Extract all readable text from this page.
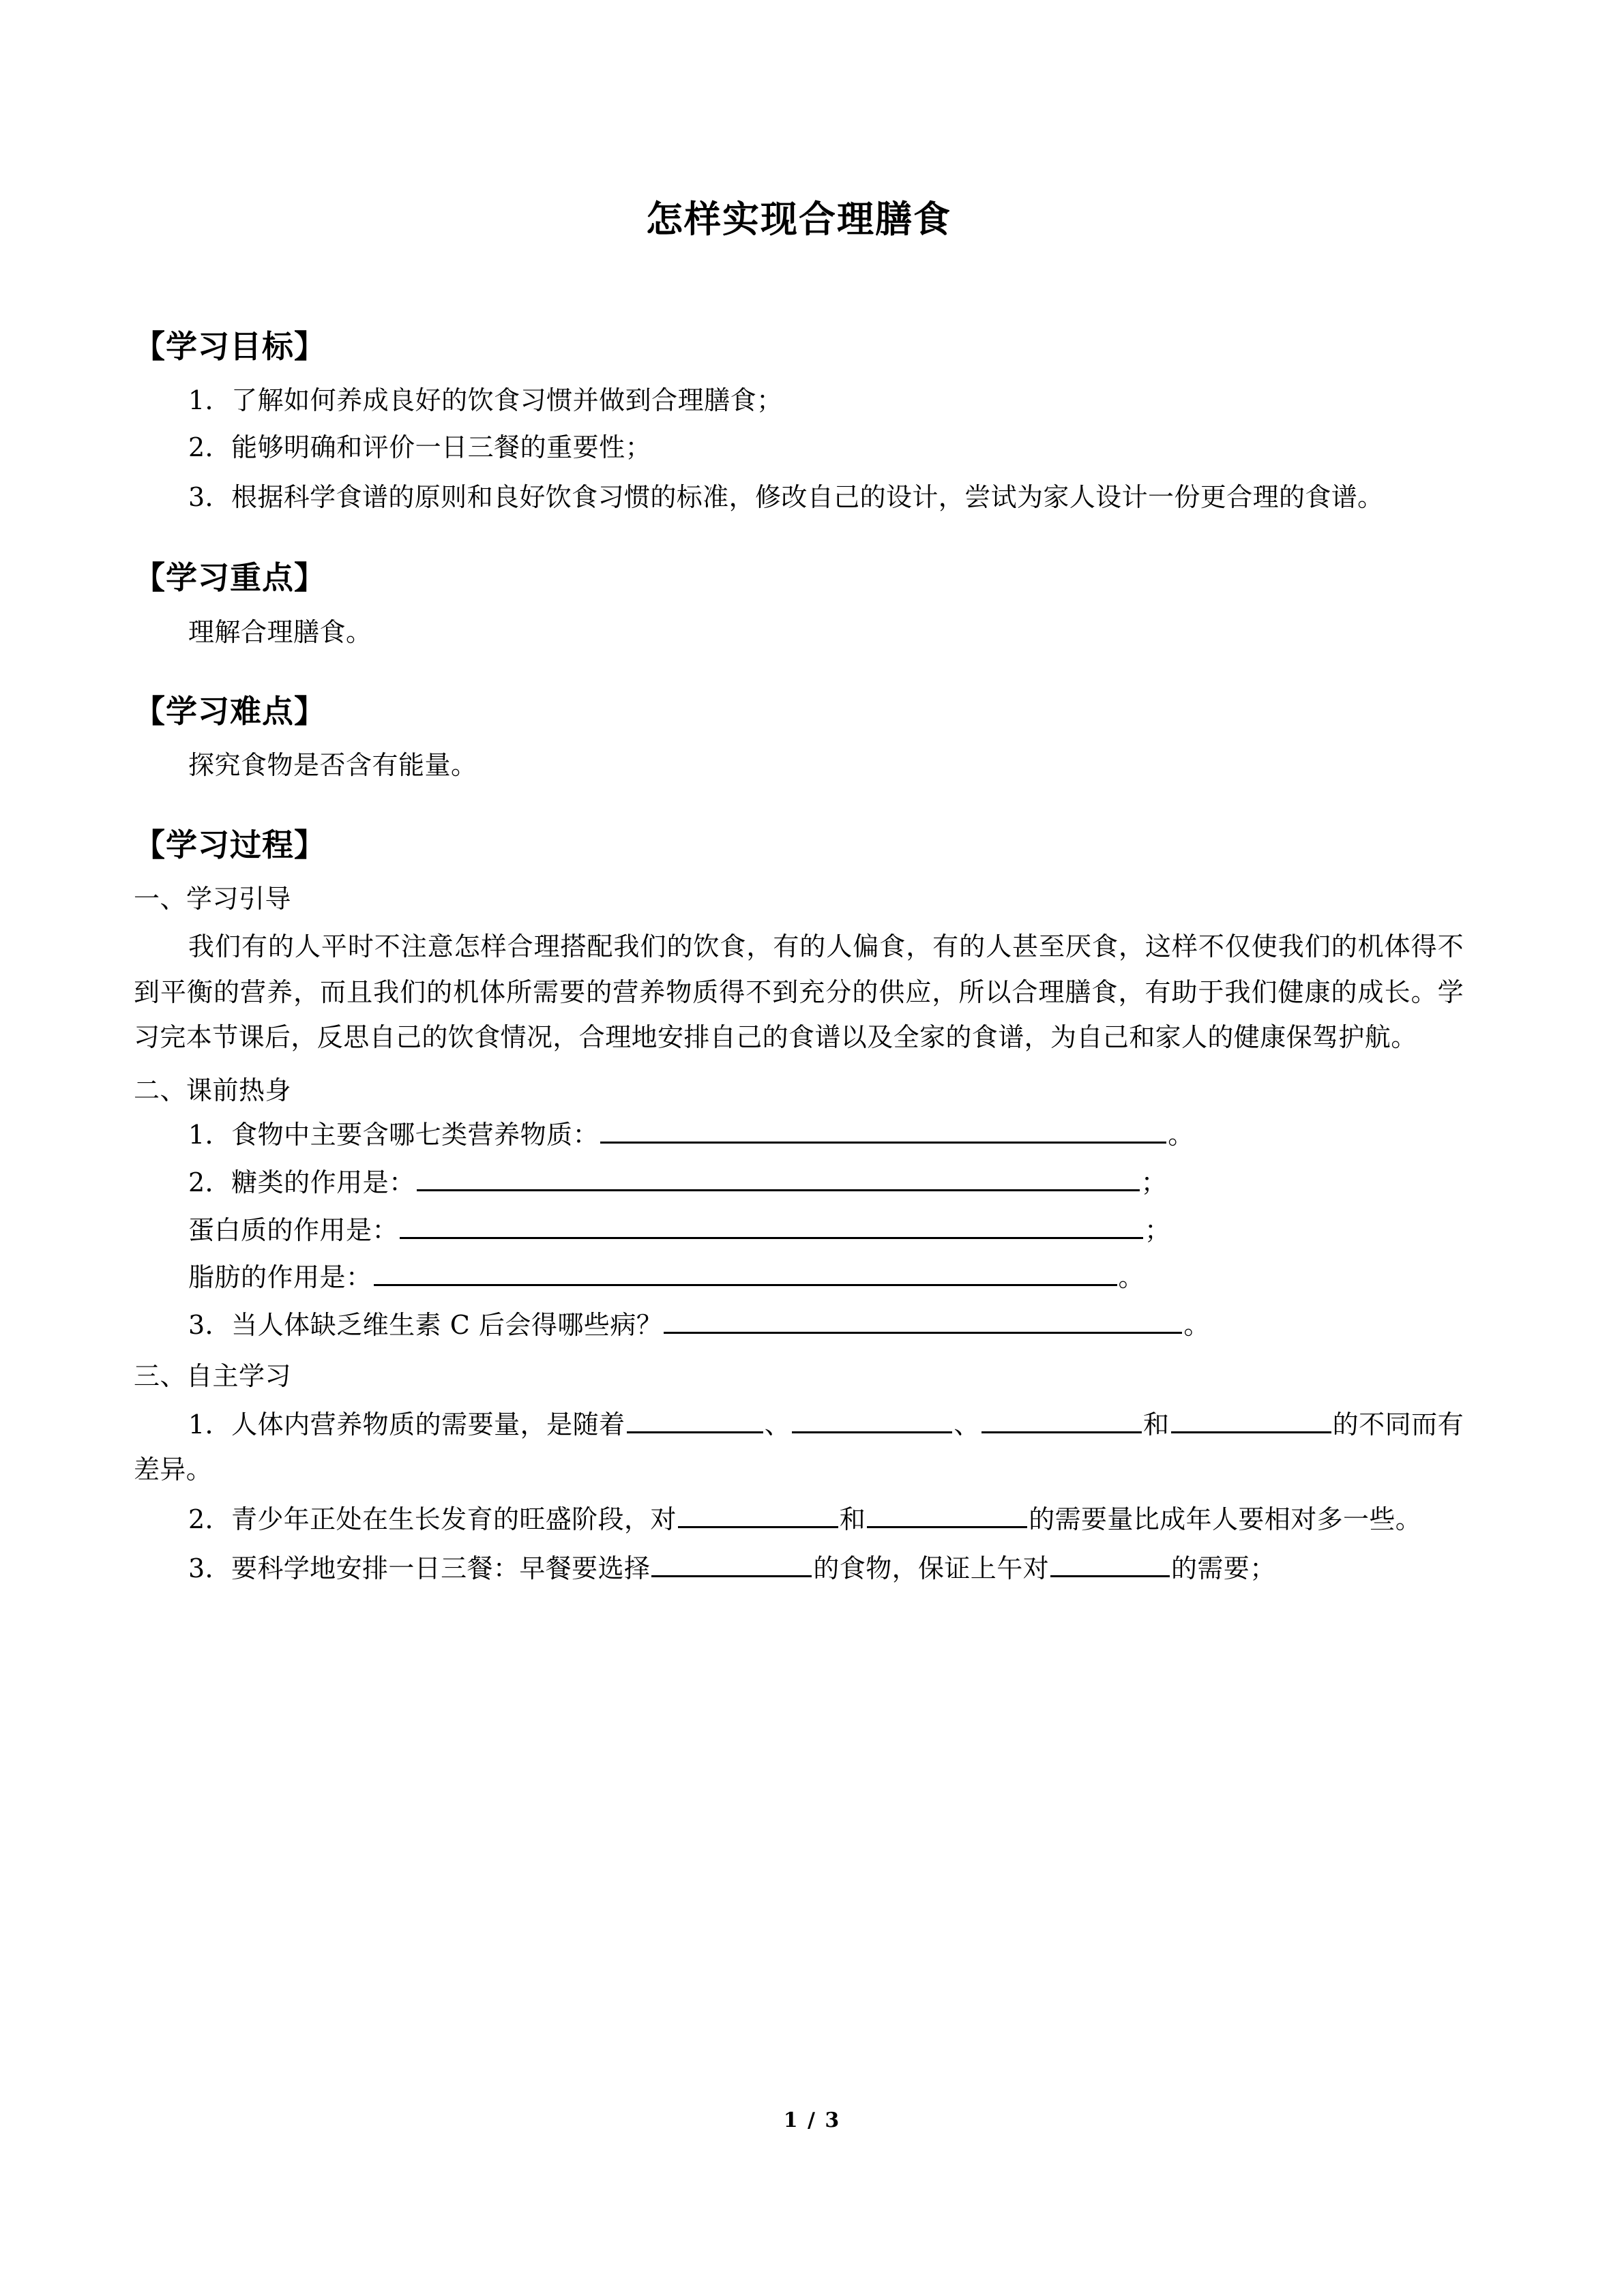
怎样实现合理膳食
【学习目标】

1．了解如何养成良好的饮食习惯并做到合理膳食；

2．能够明确和评价一日三餐的重要性；

3．根据科学食谱的原则和良好饮食习惯的标准，修改自己的设计，尝试为家人设计一份更合理的食谱。

【学习重点】

理解合理膳食。

【学习难点】

探究食物是否含有能量。

【学习过程】

一、学习引导

我们有的人平时不注意怎样合理搭配我们的饮食，有的人偏食，有的人甚至厌食，这样不仅使我们的机体得不到平衡的营养，而且我们的机体所需要的营养物质得不到充分的供应，所以合理膳食，有助于我们健康的成长。学习完本节课后，反思自己的饮食情况，合理地安排自己的食谱以及全家的食谱，为自己和家人的健康保驾护航。

二、课前热身

1．食物中主要含哪七类营养物质：	。

2．糖类的作用是：	；

蛋白质的作用是：	；

脂肪的作用是：	。

3．当人体缺乏维生素 C 后会得哪些病？	。

三、自主学习

1．人体内营养物质的需要量，是随着	、	、	和	的不同而有差异。

2．青少年正处在生长发育的旺盛阶段，对	和	的需要量比成年人要相对多一些。

3．要科学地安排一日三餐：早餐要选择	的食物，保证上午对	的需要；

1 / 3
